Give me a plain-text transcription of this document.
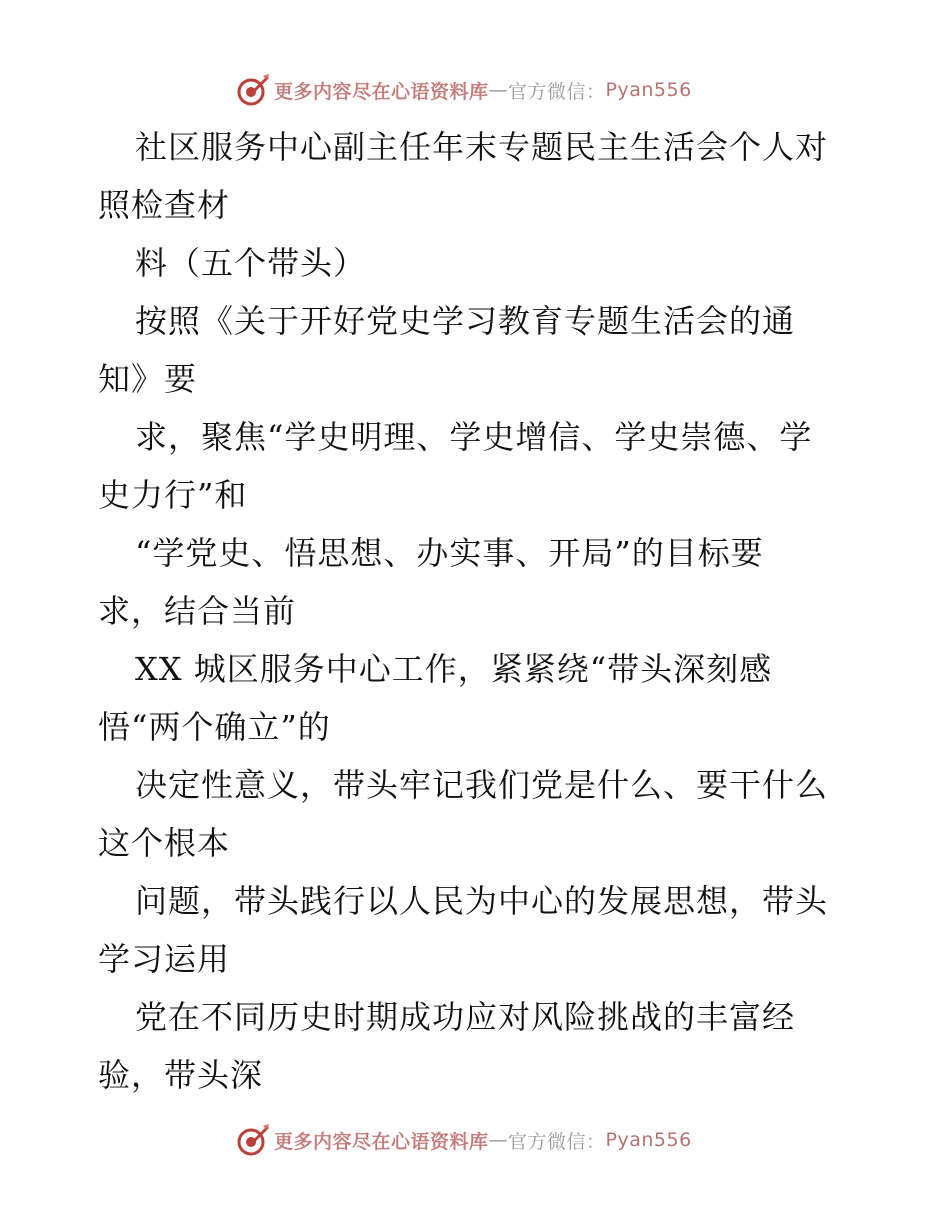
更多内容尽在心语资料库 — 官方微信： Pyan556
社区服务中心副主任年末专题民主生活会个人对
照检查材
料（五个带头）
按照《关于开好党史学习教育专题生活会的通
知》要
求，聚焦“学史明理、学史增信、学史崇德、学
史力行”和
“学党史、悟思想、办实事、开局”的目标要
求，结合当前
XX 城区服务中心工作，紧紧绕“带头深刻感
悟“两个确立”的
决定性意义，带头牢记我们党是什么、要干什么
这个根本
问题，带头践行以人民为中心的发展思想，带头
学习运用
党在不同历史时期成功应对风险挑战的丰富经
验，带头深
更多内容尽在心语资料库 — 官方微信： Pyan556
